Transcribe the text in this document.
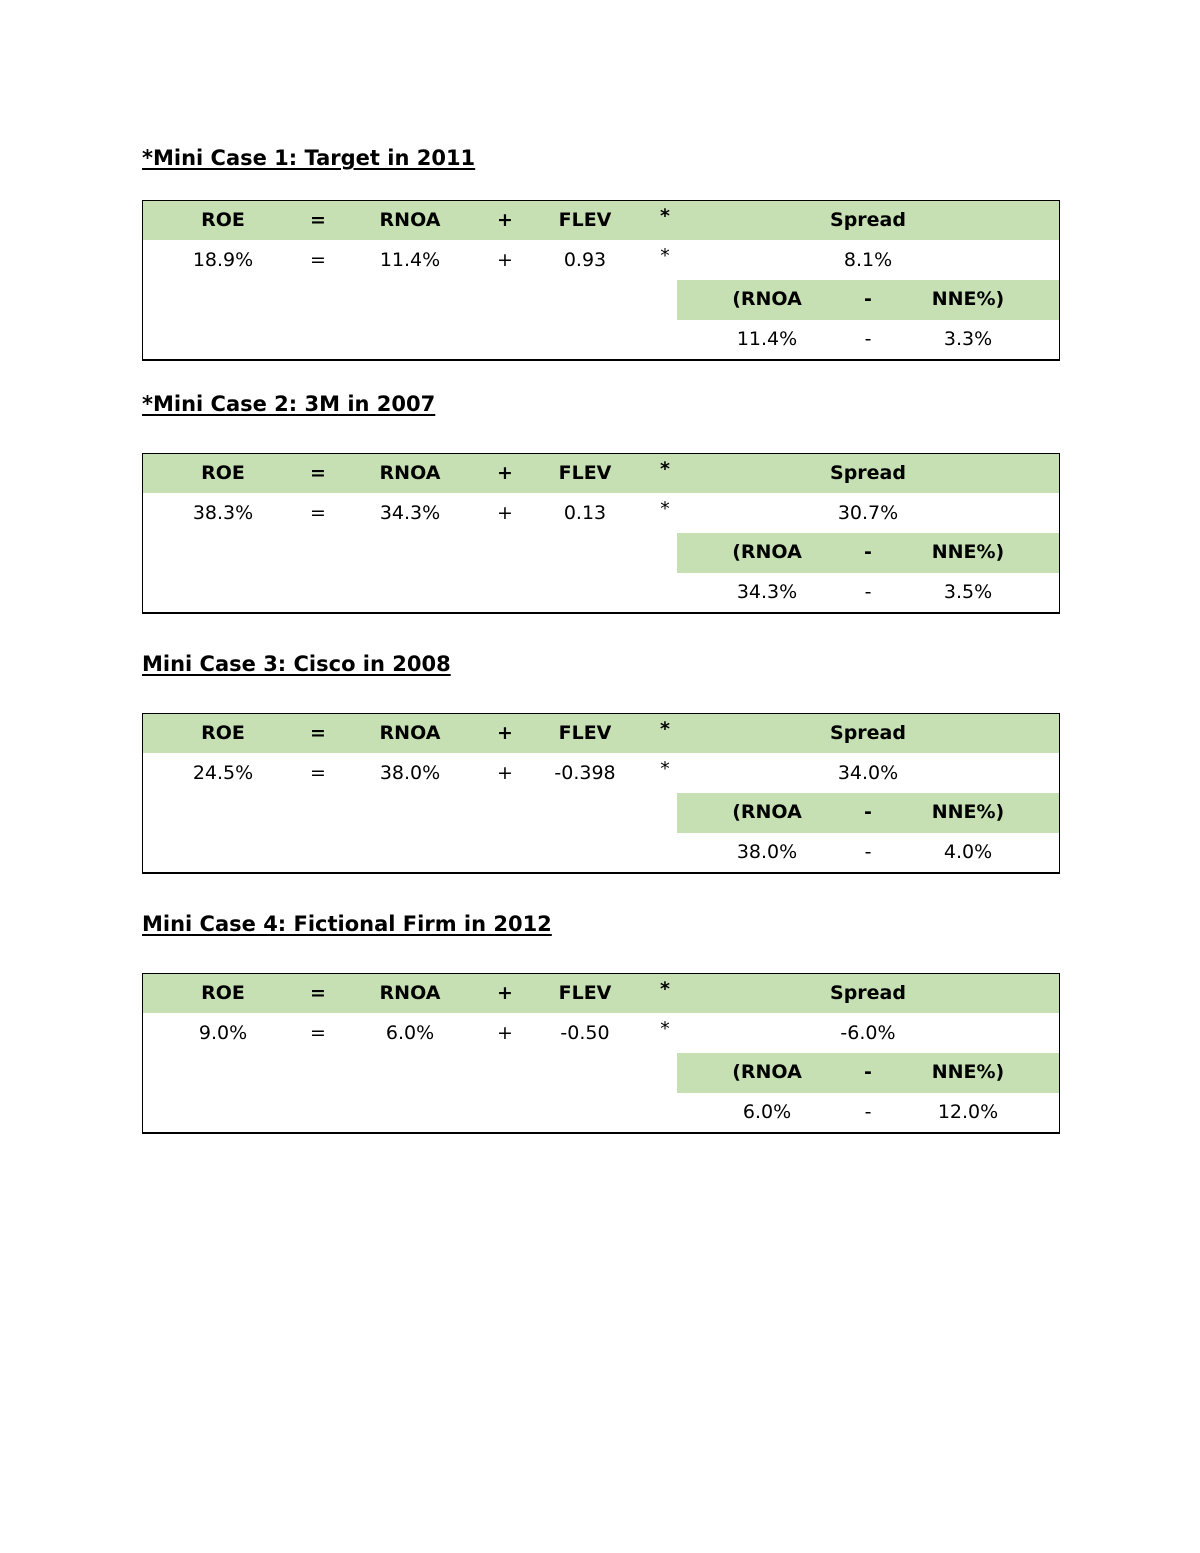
*Mini Case 1: Target in 2011
ROE	=	RNOA	+	FLEV	*	Spread
18.9%	=	11.4%	+	0.93	*	8.1%
(RNOA	-	NNE%)
11.4%	-	3.3%
*Mini Case 2: 3M in 2007
ROE	=	RNOA	+	FLEV	*	Spread
38.3%	=	34.3%	+	0.13	*	30.7%
(RNOA	-	NNE%)
34.3%	-	3.5%
Mini Case 3: Cisco in 2008
ROE	=	RNOA	+	FLEV	*	Spread
24.5%	=	38.0%	+	-0.398	*	34.0%
(RNOA	-	NNE%)
38.0%	-	4.0%
Mini Case 4: Fictional Firm in 2012
ROE	=	RNOA	+	FLEV	*	Spread
9.0%	=	6.0%	+	-0.50	*	-6.0%
(RNOA	-	NNE%)
6.0%	-	12.0%
